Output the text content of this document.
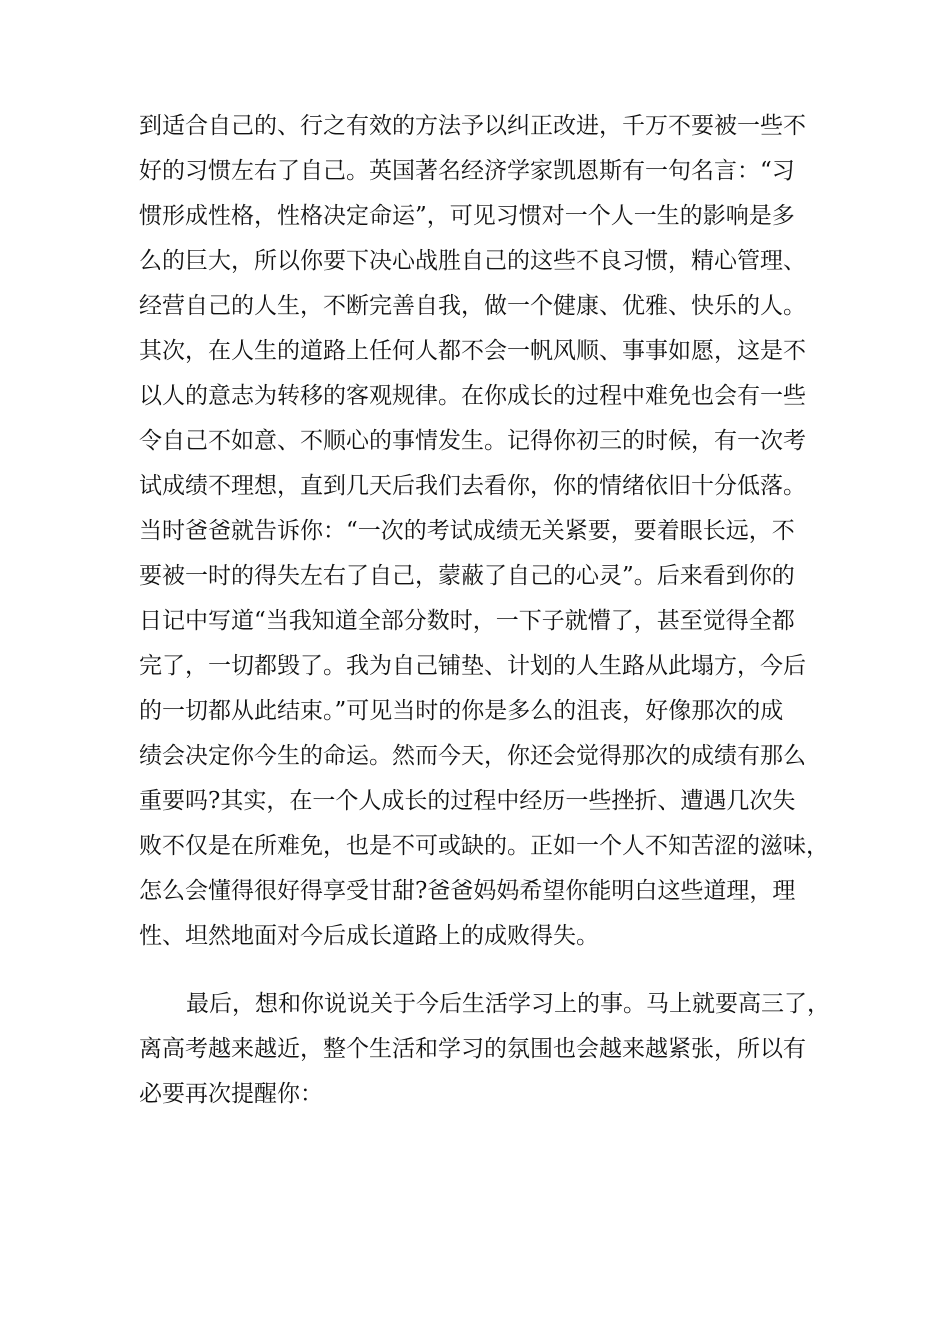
到适合自己的、行之有效的方法予以纠正改进，千万不要被一些不
好的习惯左右了自己。英国著名经济学家凯恩斯有一句名言：“习
惯形成性格，性格决定命运”，可见习惯对一个人一生的影响是多
么的巨大，所以你要下决心战胜自己的这些不良习惯，精心管理、
经营自己的人生，不断完善自我，做一个健康、优雅、快乐的人。
其次，在人生的道路上任何人都不会一帆风顺、事事如愿，这是不
以人的意志为转移的客观规律。在你成长的过程中难免也会有一些
令自己不如意、不顺心的事情发生。记得你初三的时候，有一次考
试成绩不理想，直到几天后我们去看你，你的情绪依旧十分低落。
当时爸爸就告诉你：“一次的考试成绩无关紧要，要着眼长远，不
要被一时的得失左右了自己，蒙蔽了自己的心灵”。后来看到你的
日记中写道“当我知道全部分数时，一下子就懵了，甚至觉得全都
完了，一切都毁了。我为自己铺垫、计划的人生路从此塌方，今后
的一切都从此结束。”可见当时的你是多么的沮丧，好像那次的成
绩会决定你今生的命运。然而今天，你还会觉得那次的成绩有那么
重要吗?其实，在一个人成长的过程中经历一些挫折、遭遇几次失
败不仅是在所难免，也是不可或缺的。正如一个人不知苦涩的滋味，
怎么会懂得很好得享受甘甜?爸爸妈妈希望你能明白这些道理，理
性、坦然地面对今后成长道路上的成败得失。
最后，想和你说说关于今后生活学习上的事。马上就要高三了，
离高考越来越近，整个生活和学习的氛围也会越来越紧张，所以有
必要再次提醒你：
